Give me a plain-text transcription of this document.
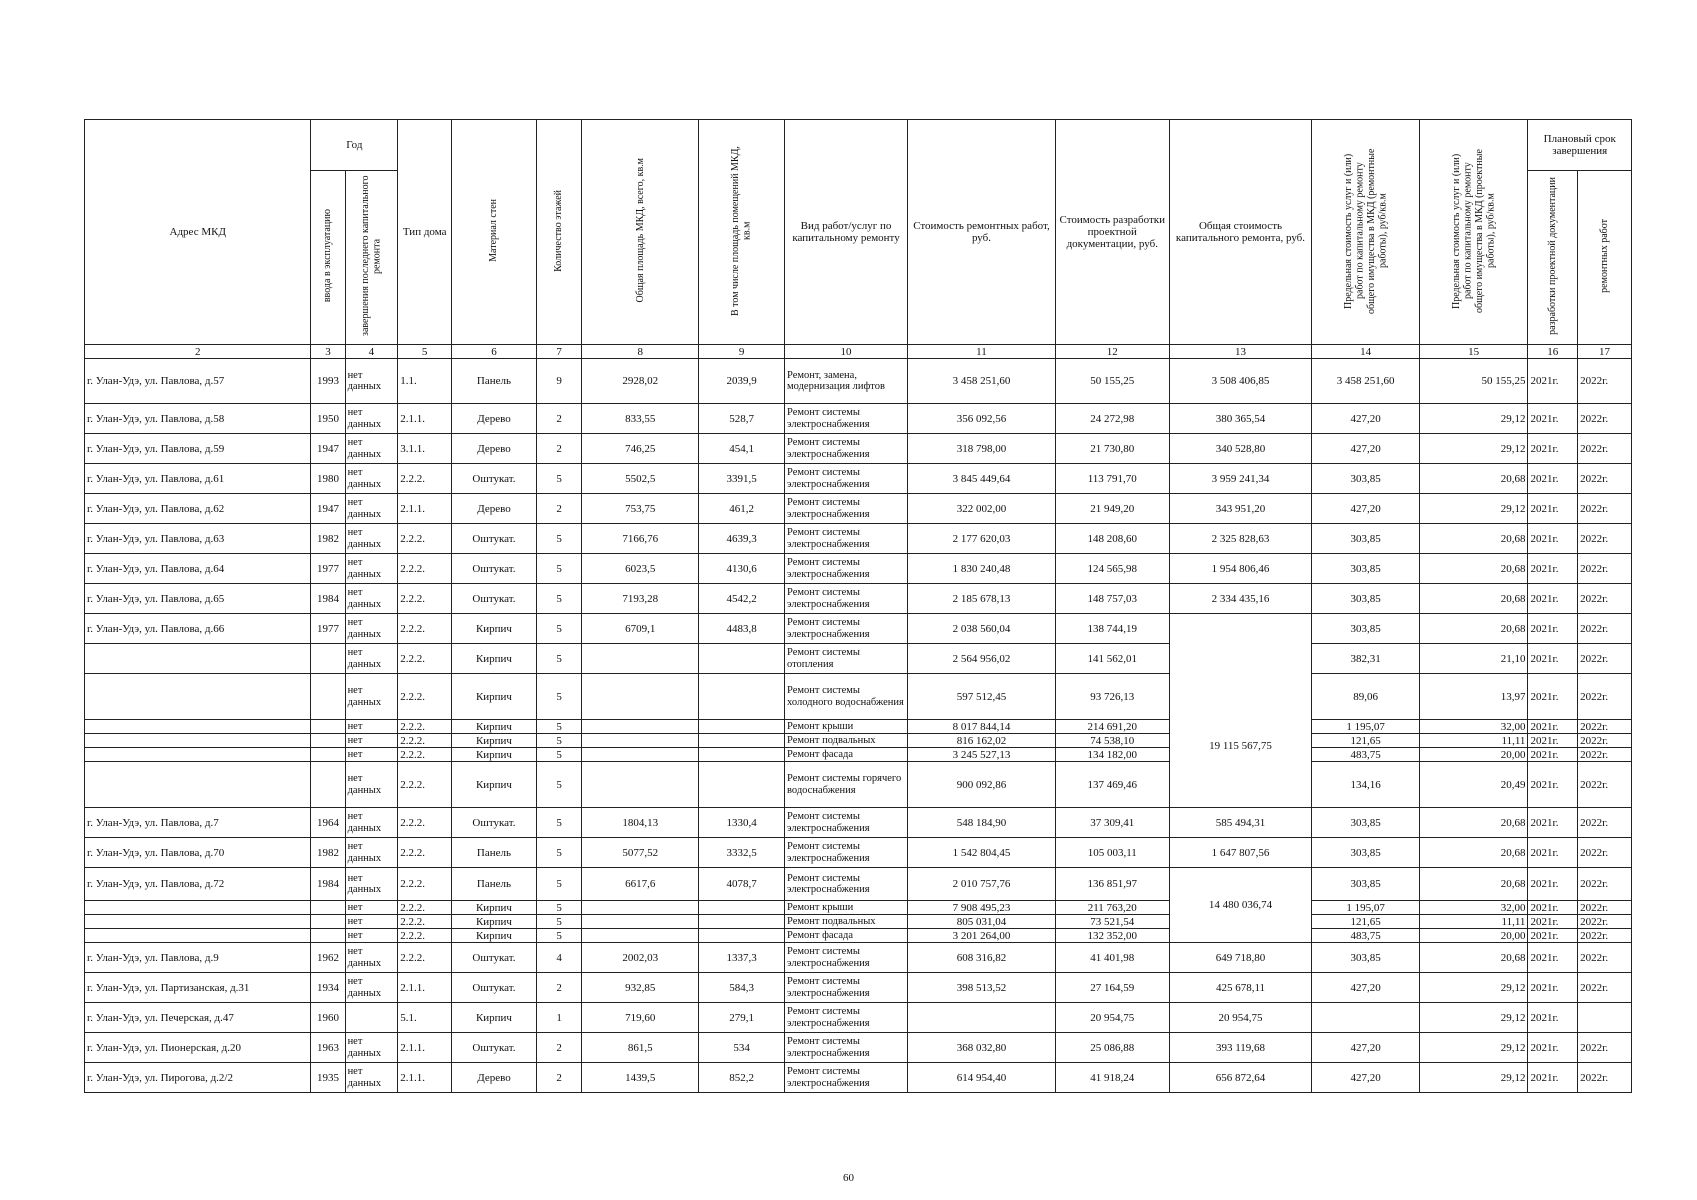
Адрес МКД	Год		Тип дома	Материал стен	Количество этажей	Общая площадь МКД, всего, кв.м	В том числе площадь помещений МКД, кв.м	Вид работ/услуг по капитальному ремонту	Стоимость ремонтных работ, руб.	Стоимость разработки проектной документации, руб.	Общая стоимость капитального ремонта, руб.	Предельная стоимость услуг и (или) работ по капитальному ремонту общего имущества в МКД (ремонтные работы), руб/кв.м	Предельная стоимость услуг и (или) работ по капитальному ремонту общего имущества в МКД (проектные работы), руб/кв.м	Плановый срок завершения	
	ввода в эксплуатацию	завершения последнего капитального ремонта												разработки проектной документации	ремонтных работ
2	3	4	5	6	7	8	9	10	11	12	13	14	15	16	17
г. Улан-Удэ, ул. Павлова, д.57	1993	нет данных	1.1.	Панель	9	2928,02	2039,9	Ремонт, замена, модернизация лифтов	3 458 251,60	50 155,25	3 508 406,85	3 458 251,60	50 155,25	2021г.	2022г.
г. Улан-Удэ, ул. Павлова, д.58	1950	нет данных	2.1.1.	Дерево	2	833,55	528,7	Ремонт системы электроснабжения	356 092,56	24 272,98	380 365,54	427,20	29,12	2021г.	2022г.
г. Улан-Удэ, ул. Павлова, д.59	1947	нет данных	3.1.1.	Дерево	2	746,25	454,1	Ремонт системы электроснабжения	318 798,00	21 730,80	340 528,80	427,20	29,12	2021г.	2022г.
г. Улан-Удэ, ул. Павлова, д.61	1980	нет данных	2.2.2.	Оштукат.	5	5502,5	3391,5	Ремонт системы электроснабжения	3 845 449,64	113 791,70	3 959 241,34	303,85	20,68	2021г.	2022г.
г. Улан-Удэ, ул. Павлова, д.62	1947	нет данных	2.1.1.	Дерево	2	753,75	461,2	Ремонт системы электроснабжения	322 002,00	21 949,20	343 951,20	427,20	29,12	2021г.	2022г.
г. Улан-Удэ, ул. Павлова, д.63	1982	нет данных	2.2.2.	Оштукат.	5	7166,76	4639,3	Ремонт системы электроснабжения	2 177 620,03	148 208,60	2 325 828,63	303,85	20,68	2021г.	2022г.
г. Улан-Удэ, ул. Павлова, д.64	1977	нет данных	2.2.2.	Оштукат.	5	6023,5	4130,6	Ремонт системы электроснабжения	1 830 240,48	124 565,98	1 954 806,46	303,85	20,68	2021г.	2022г.
г. Улан-Удэ, ул. Павлова, д.65	1984	нет данных	2.2.2.	Оштукат.	5	7193,28	4542,2	Ремонт системы электроснабжения	2 185 678,13	148 757,03	2 334 435,16	303,85	20,68	2021г.	2022г.
г. Улан-Удэ, ул. Павлова, д.66	1977	нет данных	2.2.2.	Кирпич	5	6709,1	4483,8	Ремонт системы электроснабжения	2 038 560,04	138 744,19	19 115 567,75	303,85	20,68	2021г.	2022г.
		нет данных	2.2.2.	Кирпич	5			Ремонт системы отопления	2 564 956,02	141 562,01		382,31	21,10	2021г.	2022г.
		нет данных	2.2.2.	Кирпич	5			Ремонт системы холодного водоснабжения	597 512,45	93 726,13		89,06	13,97	2021г.	2022г.
		нет	2.2.2.	Кирпич	5			Ремонт крыши	8 017 844,14	214 691,20		1 195,07	32,00	2021г.	2022г.
		нет	2.2.2.	Кирпич	5			Ремонт подвальных	816 162,02	74 538,10		121,65	11,11	2021г.	2022г.
		нет	2.2.2.	Кирпич	5			Ремонт фасада	3 245 527,13	134 182,00		483,75	20,00	2021г.	2022г.
		нет данных	2.2.2.	Кирпич	5			Ремонт системы горячего водоснабжения	900 092,86	137 469,46		134,16	20,49	2021г.	2022г.
г. Улан-Удэ, ул. Павлова, д.7	1964	нет данных	2.2.2.	Оштукат.	5	1804,13	1330,4	Ремонт системы электроснабжения	548 184,90	37 309,41	585 494,31	303,85	20,68	2021г.	2022г.
г. Улан-Удэ, ул. Павлова, д.70	1982	нет данных	2.2.2.	Панель	5	5077,52	3332,5	Ремонт системы электроснабжения	1 542 804,45	105 003,11	1 647 807,56	303,85	20,68	2021г.	2022г.
г. Улан-Удэ, ул. Павлова, д.72	1984	нет данных	2.2.2.	Панель	5	6617,6	4078,7	Ремонт системы электроснабжения	2 010 757,76	136 851,97	14 480 036,74	303,85	20,68	2021г.	2022г.
		нет	2.2.2.	Кирпич	5			Ремонт крыши	7 908 495,23	211 763,20		1 195,07	32,00	2021г.	2022г.
		нет	2.2.2.	Кирпич	5			Ремонт подвальных	805 031,04	73 521,54		121,65	11,11	2021г.	2022г.
		нет	2.2.2.	Кирпич	5			Ремонт фасада	3 201 264,00	132 352,00		483,75	20,00	2021г.	2022г.
г. Улан-Удэ, ул. Павлова, д.9	1962	нет данных	2.2.2.	Оштукат.	4	2002,03	1337,3	Ремонт системы электроснабжения	608 316,82	41 401,98	649 718,80	303,85	20,68	2021г.	2022г.
г. Улан-Удэ, ул. Партизанская, д.31	1934	нет данных	2.1.1.	Оштукат.	2	932,85	584,3	Ремонт системы электроснабжения	398 513,52	27 164,59	425 678,11	427,20	29,12	2021г.	2022г.
г. Улан-Удэ, ул. Печерская, д.47	1960		5.1.	Кирпич	1	719,60	279,1	Ремонт системы электроснабжения		20 954,75	20 954,75		29,12	2021г.	
г. Улан-Удэ, ул. Пионерская, д.20	1963	нет данных	2.1.1.	Оштукат.	2	861,5	534	Ремонт системы электроснабжения	368 032,80	25 086,88	393 119,68	427,20	29,12	2021г.	2022г.
г. Улан-Удэ, ул. Пирогова, д.2/2	1935	нет данных	2.1.1.	Дерево	2	1439,5	852,2	Ремонт системы электроснабжения	614 954,40	41 918,24	656 872,64	427,20	29,12	2021г.	2022г.
60
